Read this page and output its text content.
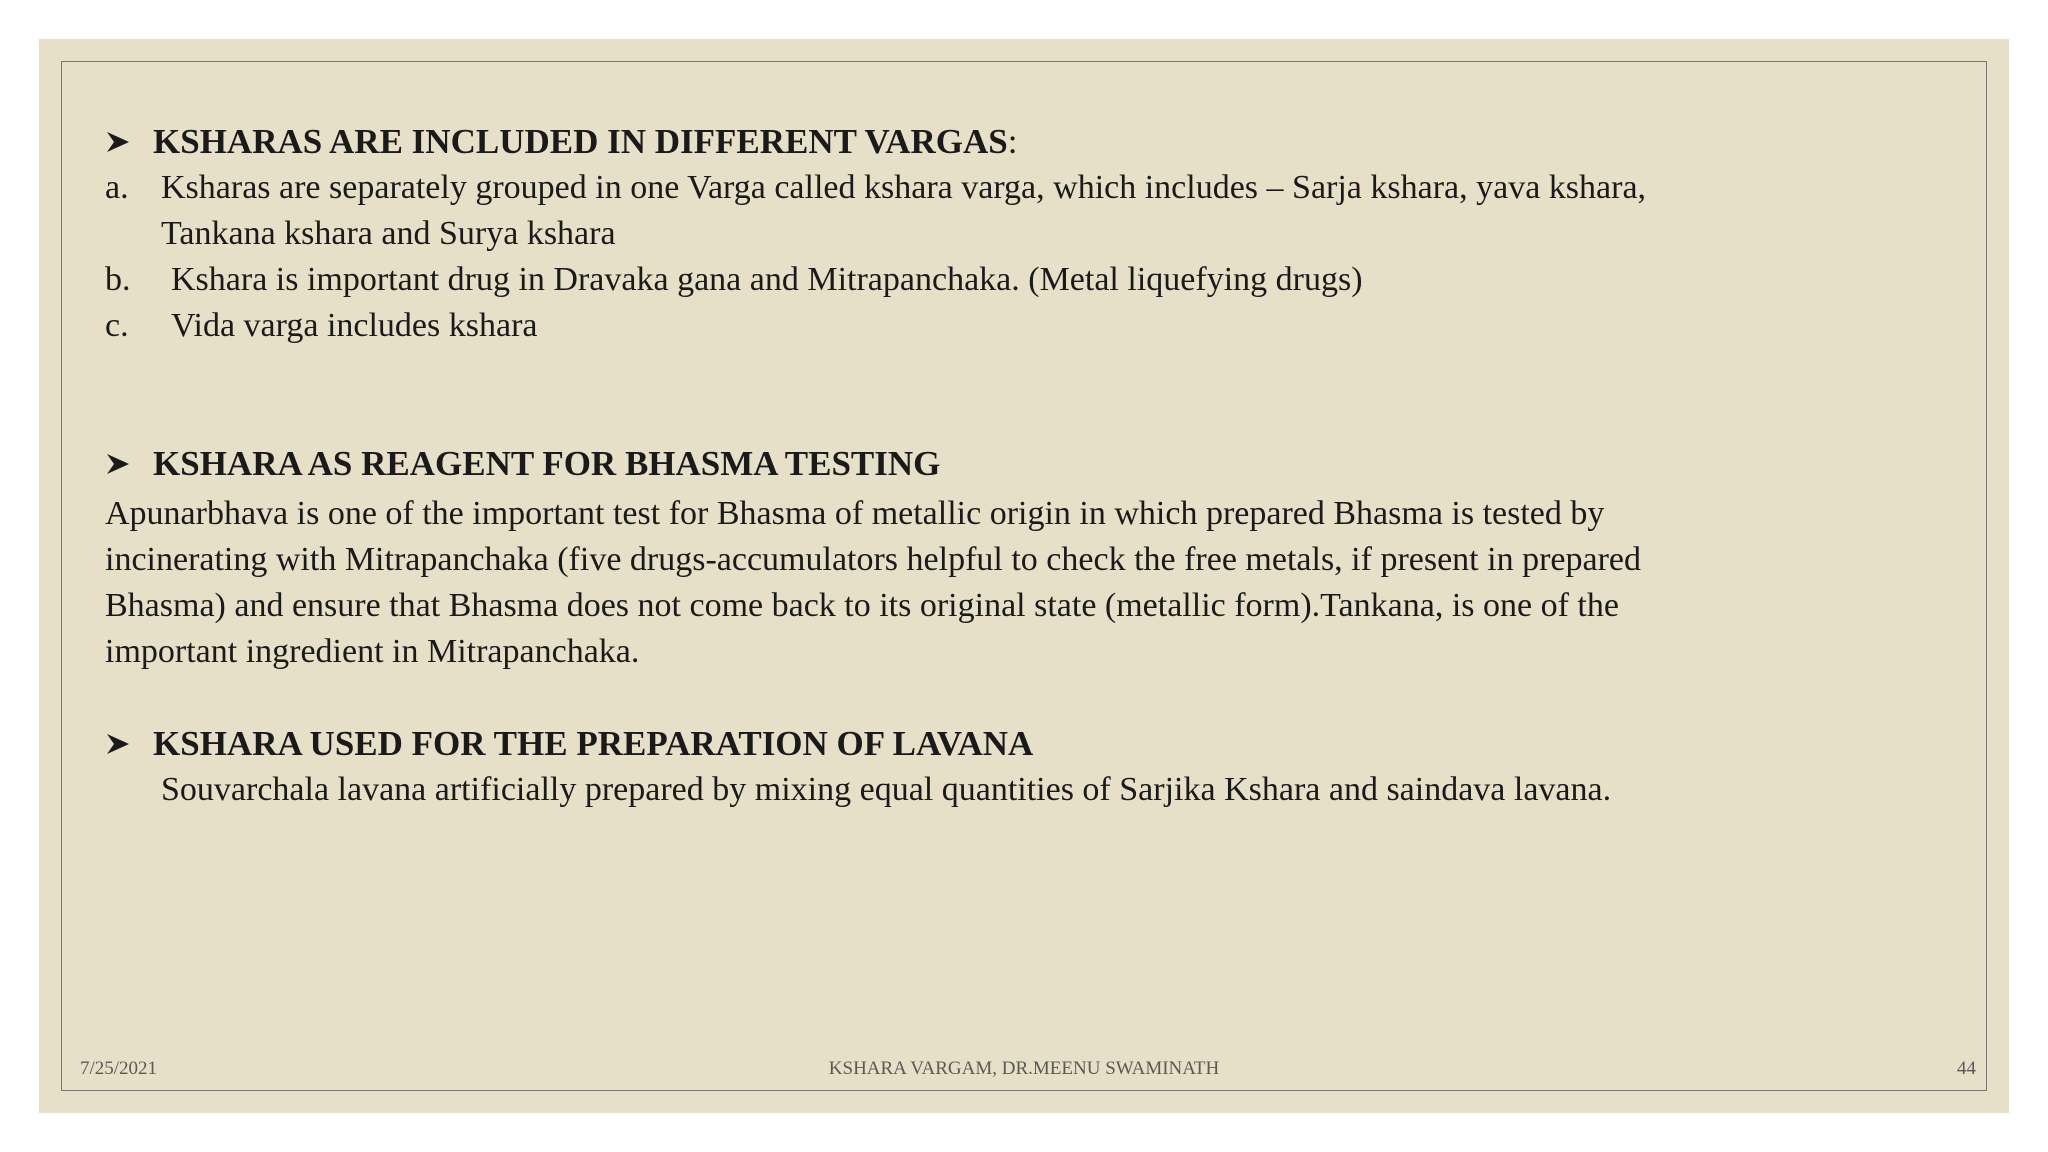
KSHARAS ARE INCLUDED IN DIFFERENT VARGAS :
a. Ksharas are separately grouped in one Varga called kshara varga, which includes – Sarja kshara, yava kshara,
Tankana kshara and Surya kshara
b.	Kshara is important drug in Dravaka gana and Mitrapanchaka. (Metal liquefying drugs)
c.	Vida varga includes kshara
KSHARA AS REAGENT FOR BHASMA TESTING
Apunarbhava is one of the important test for Bhasma of metallic origin in which prepared Bhasma is tested by
incinerating with Mitrapanchaka (five drugs-accumulators helpful to check the free metals, if present in prepared
Bhasma) and ensure that Bhasma does not come back to its original state (metallic form).Tankana, is one of the
important ingredient in Mitrapanchaka.
KSHARA USED FOR THE PREPARATION OF LAVANA
Souvarchala lavana artificially prepared by mixing equal quantities of Sarjika Kshara and saindava lavana.
7/25/2021	KSHARA VARGAM, DR.MEENU SWAMINATH	44
